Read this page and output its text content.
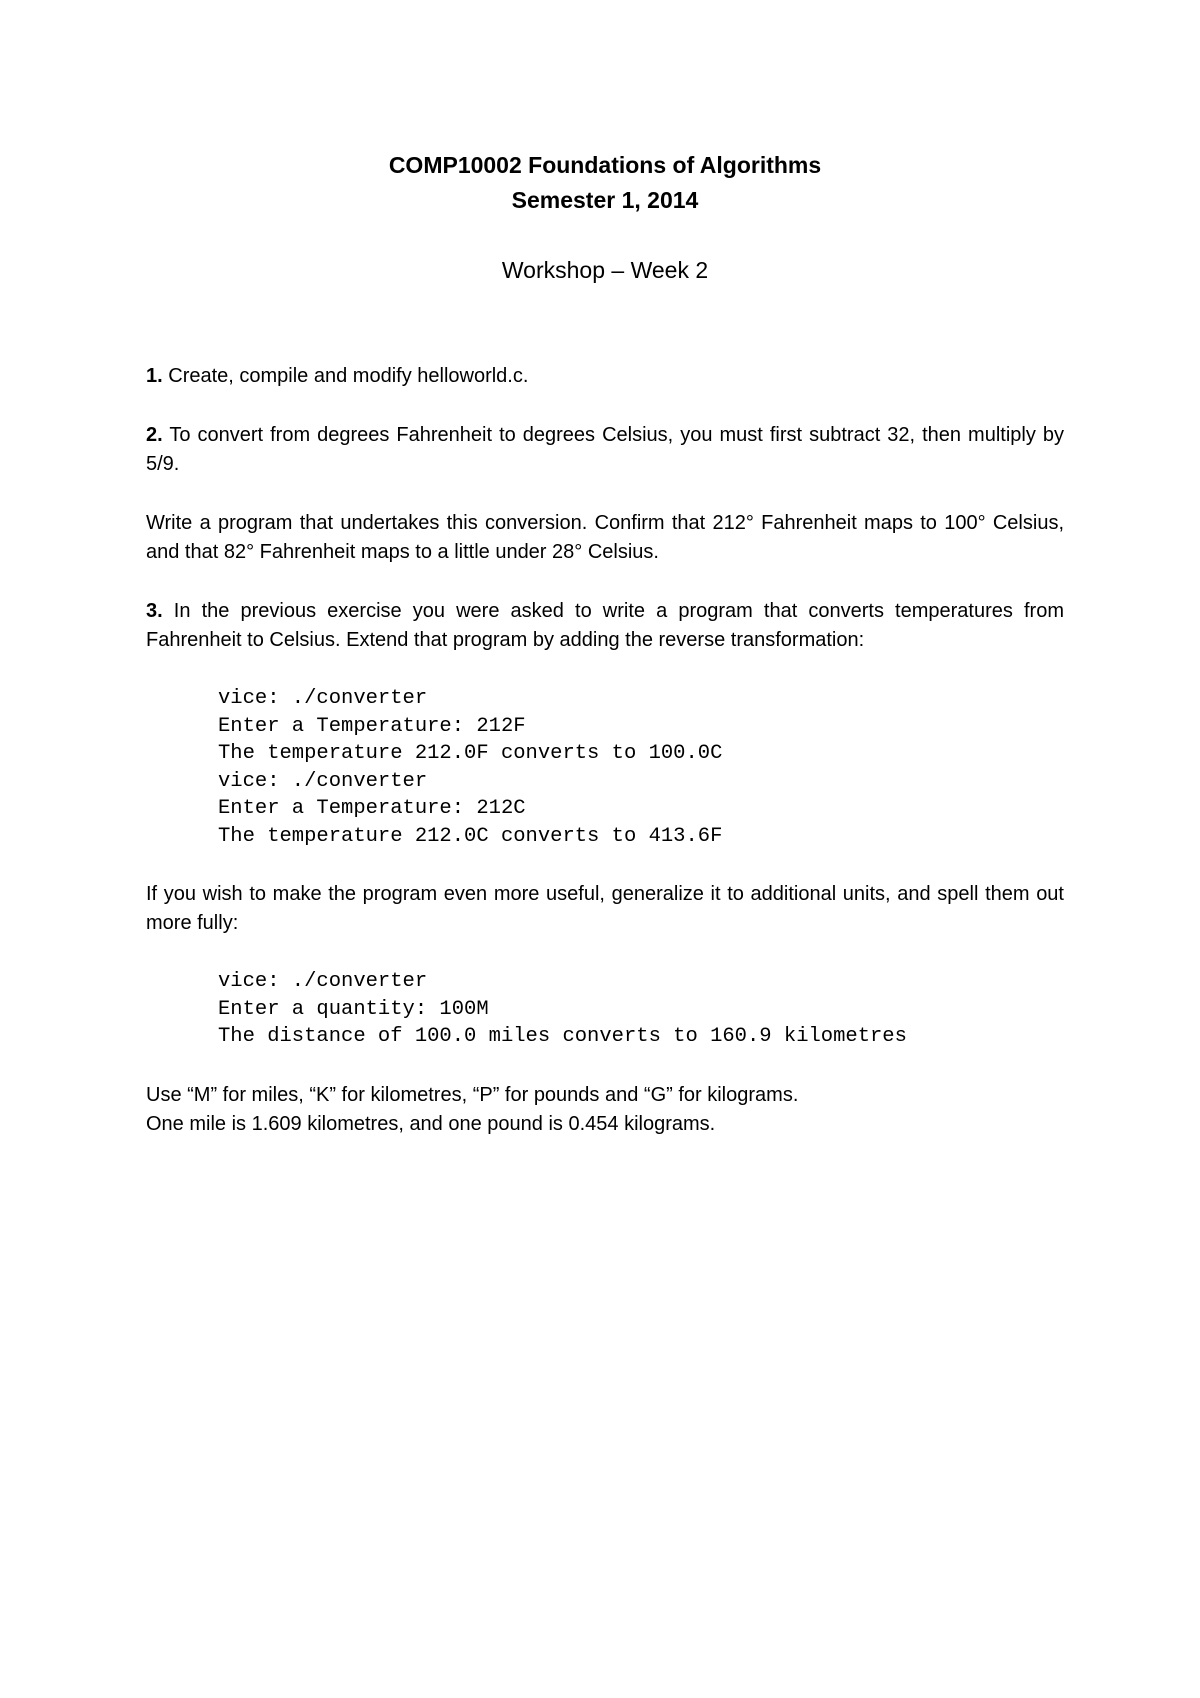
COMP10002 Foundations of Algorithms
Semester 1, 2014
Workshop – Week 2

1. Create, compile and modify helloworld.c.

2. To convert from degrees Fahrenheit to degrees Celsius, you must first subtract 32, then multiply by 5/9.

Write a program that undertakes this conversion. Confirm that 212° Fahrenheit maps to 100° Celsius, and that 82° Fahrenheit maps to a little under 28° Celsius.

3. In the previous exercise you were asked to write a program that converts temperatures from Fahrenheit to Celsius. Extend that program by adding the reverse transformation:

vice: ./converter
Enter a Temperature: 212F
The temperature 212.0F converts to 100.0C
vice: ./converter
Enter a Temperature: 212C
The temperature 212.0C converts to 413.6F

If you wish to make the program even more useful, generalize it to additional units, and spell them out more fully:

vice: ./converter
Enter a quantity: 100M
The distance of 100.0 miles converts to 160.9 kilometres

Use “M” for miles, “K” for kilometres, “P” for pounds and “G” for kilograms.

One mile is 1.609 kilometres, and one pound is 0.454 kilograms.
